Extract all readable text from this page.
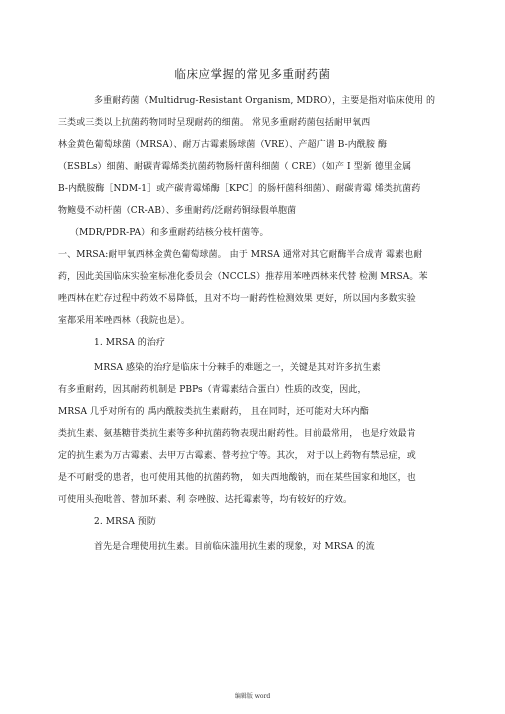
临床应掌握的常见多重耐药菌
多重耐药菌（Multidrug-Resistant Organism, MDRO），主要是指对临床使用 的
三类或三类以上抗菌药物同时呈现耐药的细菌。 常见多重耐药菌包括耐甲氧西
林金黄色葡萄球菌（MRSA）、耐万古霉素肠球菌（VRE）、产超广谱 B-内酰胺 酶
（ESBLs）细菌、耐碳青霉烯类抗菌药物肠杆菌科细菌（ CRE）（如产 I 型新 德里金属
B-内酰胺酶［NDM-1］或产碳青霉烯酶［KPC］的肠杆菌科细菌）、耐碳青霉 烯类抗菌药
物鲍曼不动杆菌（CR-AB）、多重耐药/泛耐药铜绿假单胞菌
（MDR/PDR-PA）和多重耐药结核分枝杆菌等。
一、MRSA:耐甲氧西林金黄色葡萄球菌。 由于 MRSA 通常对其它耐酶半合成青 霉素也耐
药，因此美国临床实验室标准化委员会（NCCLS）推荐用苯唑西林来代替 检测 MRSA。苯
唑西林在贮存过程中药效不易降低，且对不均一耐药性检测效果 更好，所以国内多数实验
室都采用苯唑西林（我院也是）。
1. MRSA 的治疗
MRSA 感染的治疗是临床十分棘手的难题之一，关键是其对许多抗生素
有多重耐药，因其耐药机制是 PBPs（青霉素结合蛋白）性质的改变，因此，
MRSA 几乎对所有的 禹内酰胺类抗生素耐药， 且在同时，还可能对大环内酯
类抗生素、氨基糖苷类抗生素等多种抗菌药物表现出耐药性。目前最常用， 也是疗效最肯
定的抗生素为万古霉素、去甲万古霉素、替考拉宁等。其次， 对于以上药物有禁忌症，或
是不可耐受的患者，也可使用其他的抗菌药物， 如夫西地酸钠，而在某些国家和地区，也
可使用头孢吡普、替加环素、利 奈唑胺、达托霉素等，均有较好的疗效。
2. MRSA 预防
首先是合理使用抗生素。目前临床滥用抗生素的现象，对 MRSA 的流
编辑版 word
